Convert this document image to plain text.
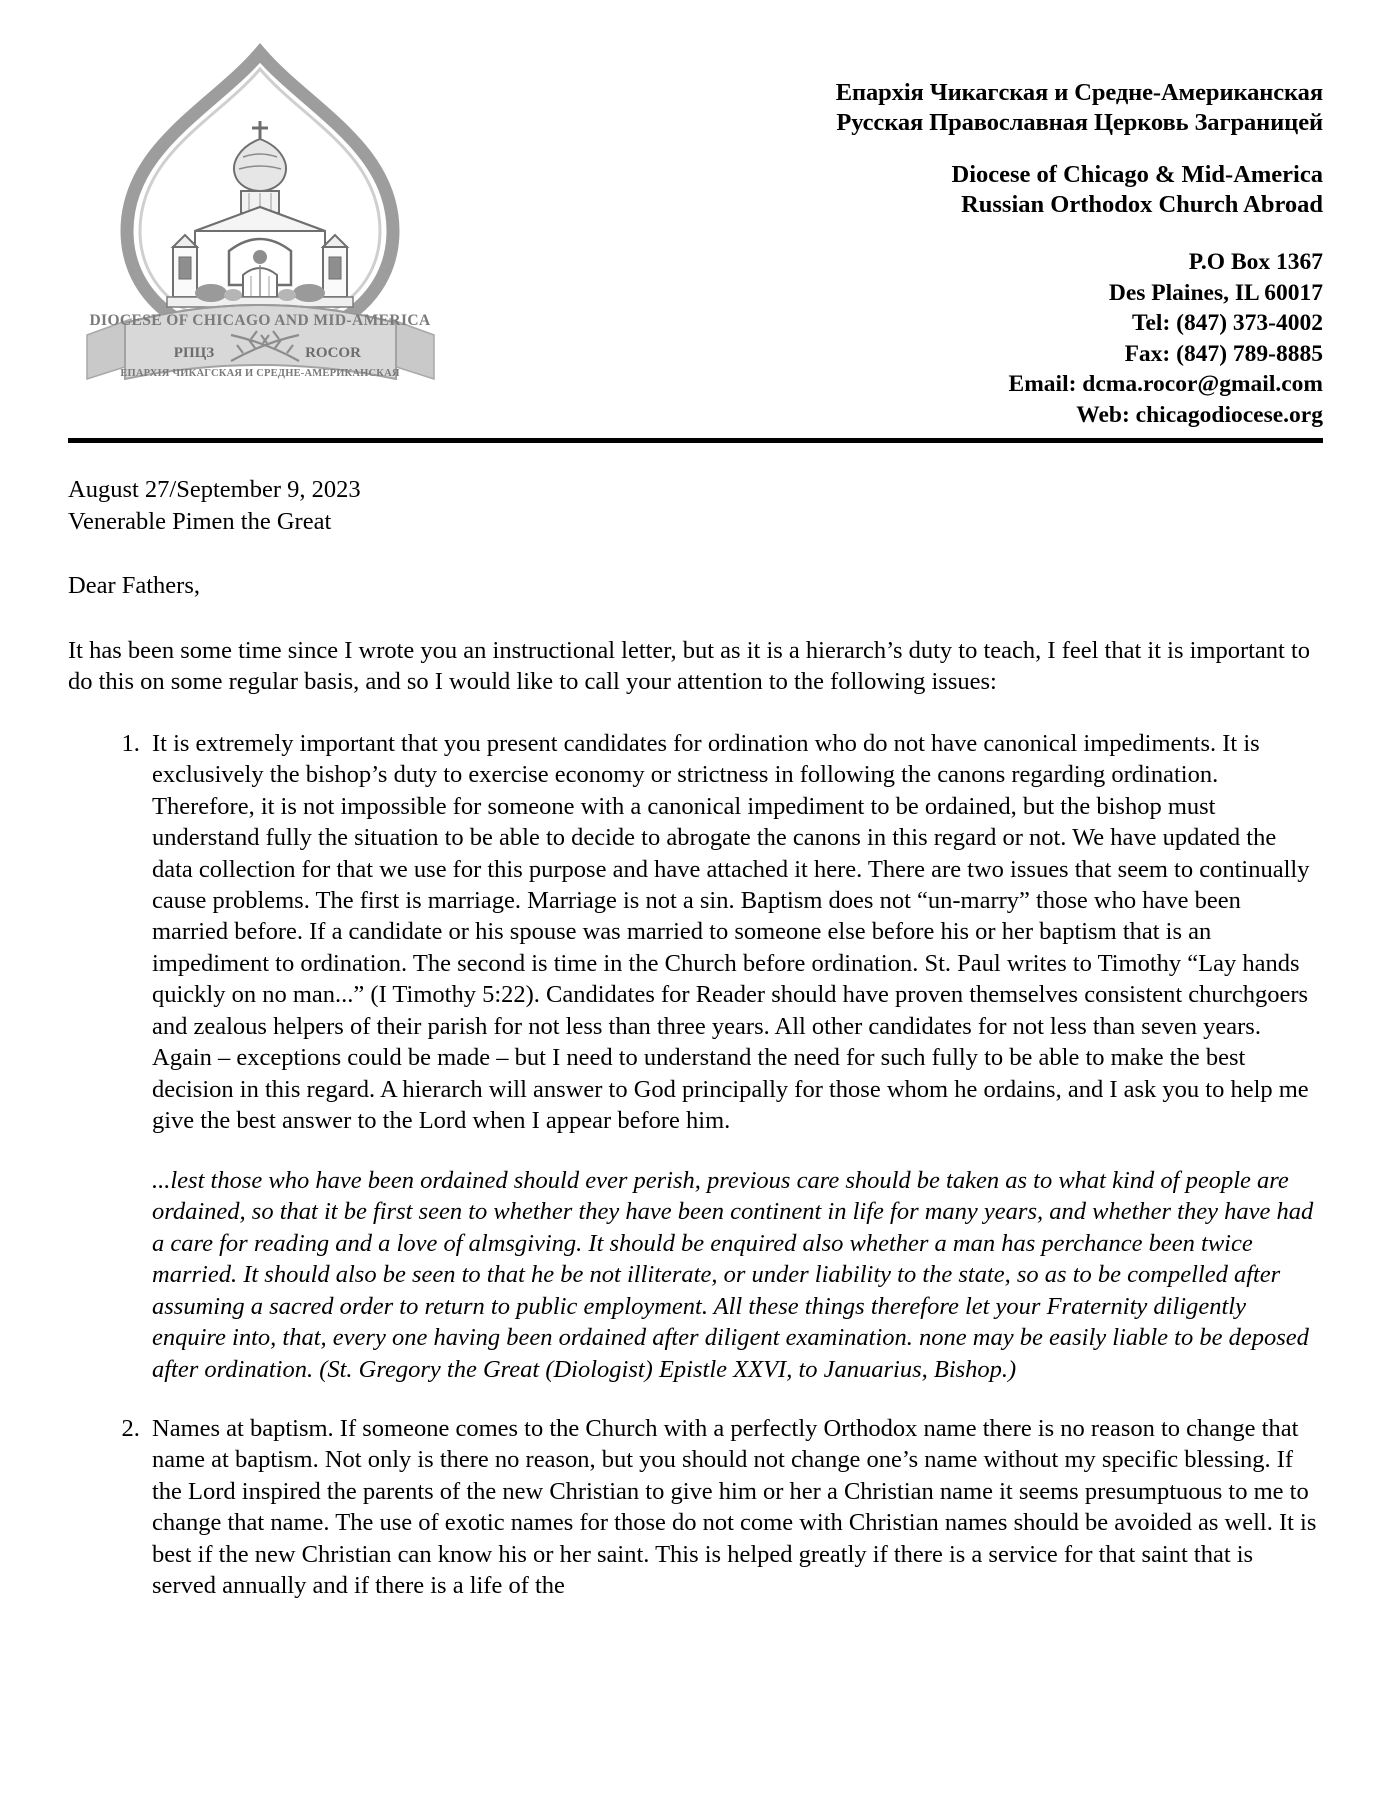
DIOCESE OF CHICAGO AND MID-AMERICA
РПЦЗ	ROCOR
ЕПАРХІЯ ЧИКАГСКАЯ И СРЕДНЕ-АМЕРИКАНСКАЯ
Епархія Чикагская и Средне-Американская
Русская Православная Церковь Заграницей
Diocese of Chicago & Mid-America
Russian Orthodox Church Abroad
P.O Box 1367
Des Plaines, IL 60017
Tel: (847) 373-4002
Fax: (847) 789-8885
Email: dcma.rocor@gmail.com
Web: chicagodiocese.org
August 27/September 9, 2023
Venerable Pimen the Great
Dear Fathers,
It has been some time since I wrote you an instructional letter, but as it is a hierarch’s duty to teach, I feel that it is important to do this on some regular basis, and so I would like to call your attention to the following issues:

1. It is extremely important that you present candidates for ordination who do not have canonical impediments. It is exclusively the bishop’s duty to exercise economy or strictness in following the canons regarding ordination. Therefore, it is not impossible for someone with a canonical impediment to be ordained, but the bishop must understand fully the situation to be able to decide to abrogate the canons in this regard or not. We have updated the data collection for that we use for this purpose and have attached it here. There are two issues that seem to continually cause problems. The first is marriage. Marriage is not a sin. Baptism does not “un-marry” those who have been married before. If a candidate or his spouse was married to someone else before his or her baptism that is an impediment to ordination. The second is time in the Church before ordination. St. Paul writes to Timothy “Lay hands quickly on no man...” (I Timothy 5:22). Candidates for Reader should have proven themselves consistent churchgoers and zealous helpers of their parish for not less than three years. All other candidates for not less than seven years. Again – exceptions could be made – but I need to understand the need for such fully to be able to make the best decision in this regard. A hierarch will answer to God principally for those whom he ordains, and I ask you to help me give the best answer to the Lord when I appear before him.

...lest those who have been ordained should ever perish, previous care should be taken as to what kind of people are ordained, so that it be first seen to whether they have been continent in life for many years, and whether they have had a care for reading and a love of almsgiving. It should be enquired also whether a man has perchance been twice married. It should also be seen to that he be not illiterate, or under liability to the state, so as to be compelled after assuming a sacred order to return to public employment. All these things therefore let your Fraternity diligently enquire into, that, every one having been ordained after diligent examination. none may be easily liable to be deposed after ordination. (St. Gregory the Great (Diologist) Epistle XXVI, to Januarius, Bishop.)

2. Names at baptism. If someone comes to the Church with a perfectly Orthodox name there is no reason to change that name at baptism. Not only is there no reason, but you should not change one’s name without my specific blessing. If the Lord inspired the parents of the new Christian to give him or her a Christian name it seems presumptuous to me to change that name. The use of exotic names for those do not come with Christian names should be avoided as well. It is best if the new Christian can know his or her saint. This is helped greatly if there is a service for that saint that is served annually and if there is a life of the
